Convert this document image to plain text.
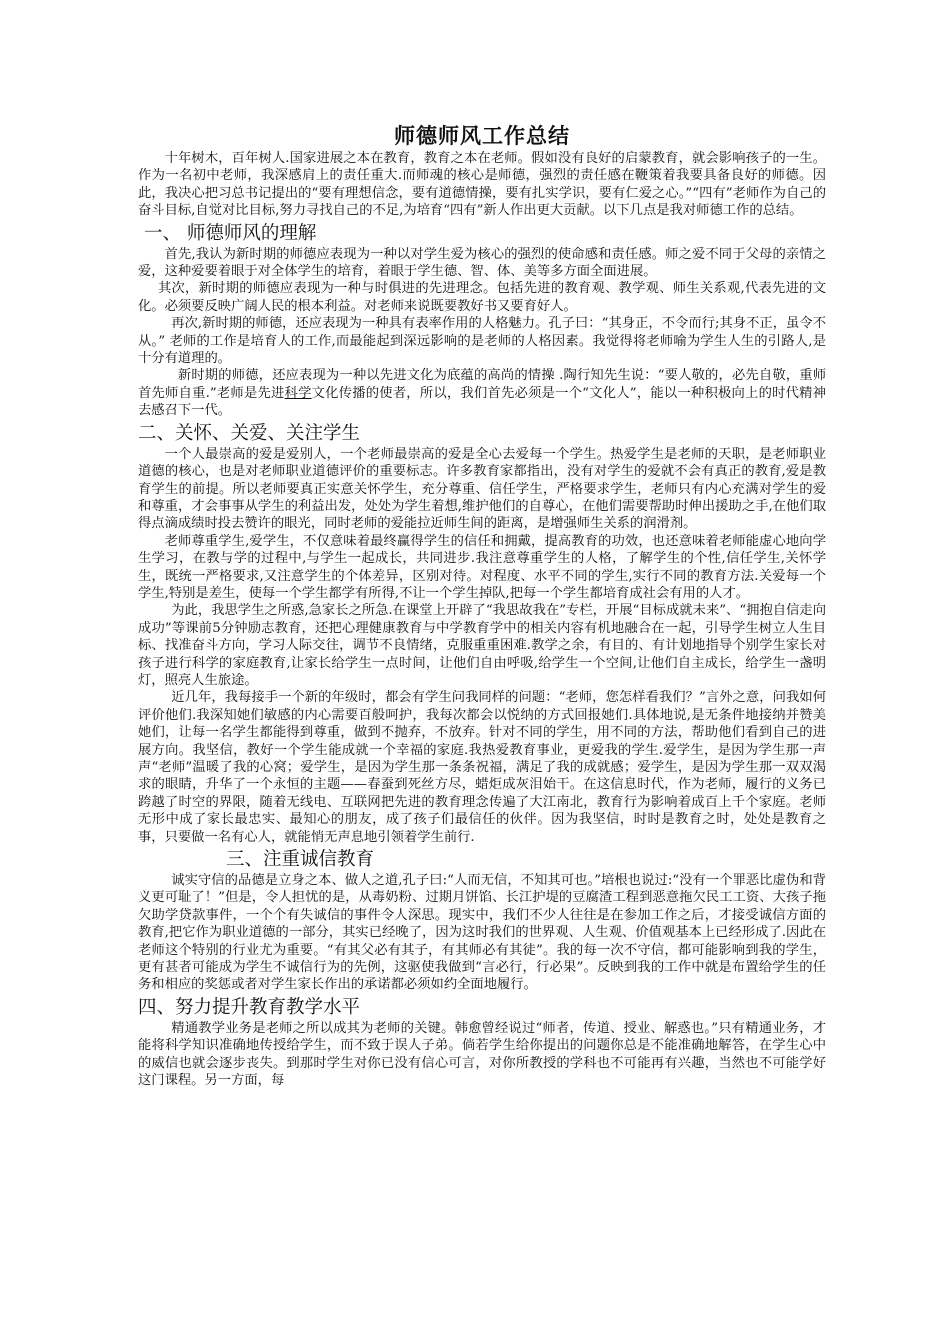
师德师风工作总结

十年树木，百年树人.国家进展之本在教育，教育之本在老师。假如没有良好的启蒙教育，就会影响孩子的一生。作为一名初中老师，我深感肩上的责任重大.而师魂的核心是师德，强烈的责任感在鞭策着我要具备良好的师德。因此，我决心把习总书记提出的“要有理想信念，要有道德情操，要有扎实学识，要有仁爱之心。”“四有”老师作为自己的奋斗目标,自觉对比目标,努力寻找自己的不足,为培育“四有”新人作出更大贡献。以下几点是我对师德工作的总结。

一、 师德师风的理解

首先,我认为新时期的师德应表现为一种以对学生爱为核心的强烈的使命感和责任感。师之爱不同于父母的亲情之爱，这种爱要着眼于对全体学生的培育，着眼于学生德、智、体、美等多方面全面进展。

其次，新时期的师德应表现为一种与时俱进的先进理念。包括先进的教育观、教学观、师生关系观,代表先进的文化。必须要反映广阔人民的根本利益。对老师来说既要教好书又要育好人。

再次,新时期的师德，还应表现为一种具有表率作用的人格魅力。孔子曰：“其身正，不令而行;其身不正，虽令不从。” 老师的工作是培育人的工作,而最能起到深远影响的是老师的人格因素。我觉得将老师喻为学生人生的引路人,是十分有道理的。

新时期的师德，还应表现为一种以先进文化为底蕴的高尚的情操 .陶行知先生说：“要人敬的，必先自敬，重师首先师自重.”老师是先进科学文化传播的使者，所以，我们首先必须是一个“文化人”，能以一种积极向上的时代精神去感召下一代。

二、关怀、关爱、关注学生

一个人最崇高的爱是爱别人，一个老师最崇高的爱是全心去爱每一个学生。热爱学生是老师的天职，是老师职业道德的核心，也是对老师职业道德评价的重要标志。许多教育家都指出，没有对学生的爱就不会有真正的教育,爱是教育学生的前提。所以老师要真正实意关怀学生，充分尊重、信任学生，严格要求学生，老师只有内心充满对学生的爱和尊重，才会事事从学生的利益出发，处处为学生着想,维护他们的自尊心，在他们需要帮助时伸出援助之手,在他们取得点滴成绩时投去赞许的眼光，同时老师的爱能拉近师生间的距离，是增强师生关系的润滑剂。

老师尊重学生,爱学生，不仅意味着最终赢得学生的信任和拥戴，提高教育的功效，也还意味着老师能虚心地向学生学习，在教与学的过程中,与学生一起成长，共同进步.我注意尊重学生的人格，了解学生的个性,信任学生,关怀学生，既统一严格要求,又注意学生的个体差异，区别对待。对程度、水平不同的学生,实行不同的教育方法.关爱每一个学生,特别是差生，使每一个学生都学有所得,不让一个学生掉队,把每一个学生都培育成社会有用的人才。

为此，我思学生之所惑,急家长之所急.在课堂上开辟了“我思故我在”专栏，开展“目标成就未来”、“拥抱自信走向成功”等课前5分钟励志教育，还把心理健康教育与中学教育学中的相关内容有机地融合在一起，引导学生树立人生目标、找准奋斗方向，学习人际交往，调节不良情绪，克服重重困难.教学之余，有目的、有计划地指导个别学生家长对孩子进行科学的家庭教育,让家长给学生一点时间，让他们自由呼吸,给学生一个空间,让他们自主成长，给学生一盏明灯，照亮人生旅途。

近几年，我每接手一个新的年级时，都会有学生问我同样的问题：“老师，您怎样看我们？”言外之意，问我如何评价他们.我深知她们敏感的内心需要百般呵护，我每次都会以悦纳的方式回报她们.具体地说,是无条件地接纳并赞美她们，让每一名学生都能得到尊重，做到不抛弃，不放弃。针对不同的学生，用不同的方法，帮助他们看到自己的进展方向。我坚信，教好一个学生能成就一个幸福的家庭.我热爱教育事业，更爱我的学生.爱学生，是因为学生那一声声“老师”温暖了我的心窝；爱学生，是因为学生那一条条祝福，满足了我的成就感；爱学生，是因为学生那一双双渴求的眼睛，升华了一个永恒的主题——春蚕到死丝方尽，蜡炬成灰泪始干。在这信息时代，作为老师，履行的义务已跨越了时空的界限，随着无线电、互联网把先进的教育理念传遍了大江南北，教育行为影响着成百上千个家庭。老师无形中成了家长最忠实、最知心的朋友，成了孩子们最信任的伙伴。因为我坚信，时时是教育之时，处处是教育之事，只要做一名有心人，就能悄无声息地引领着学生前行.

三、注重诚信教育

诚实守信的品德是立身之本、做人之道,孔子曰:“人而无信，不知其可也。”培根也说过:“没有一个罪恶比虚伪和背义更可耻了！”但是，令人担忧的是，从毒奶粉、过期月饼馅、长江护堤的豆腐渣工程到恶意拖欠民工工资、大孩子拖欠助学贷款事件，一个个有失诚信的事件令人深思。现实中，我们不少人往往是在参加工作之后，才接受诚信方面的教育,把它作为职业道德的一部分，其实已经晚了，因为这时我们的世界观、人生观、价值观基本上已经形成了.因此在老师这个特别的行业尤为重要。“有其父必有其子，有其师必有其徒”。我的每一次不守信，都可能影响到我的学生，更有甚者可能成为学生不诚信行为的先例，这驱使我做到“言必行，行必果”。反映到我的工作中就是布置给学生的任务和相应的奖惩或者对学生家长作出的承诺都必须如约全面地履行。

四、努力提升教育教学水平

精通教学业务是老师之所以成其为老师的关键。韩愈曾经说过“师者，传道、授业、解惑也。”只有精通业务，才能将科学知识准确地传授给学生，而不致于误人子弟。倘若学生给你提出的问题你总是不能准确地解答，在学生心中的威信也就会逐步丧失。到那时学生对你已没有信心可言，对你所教授的学科也不可能再有兴趣，当然也不可能学好这门课程。另一方面，每
